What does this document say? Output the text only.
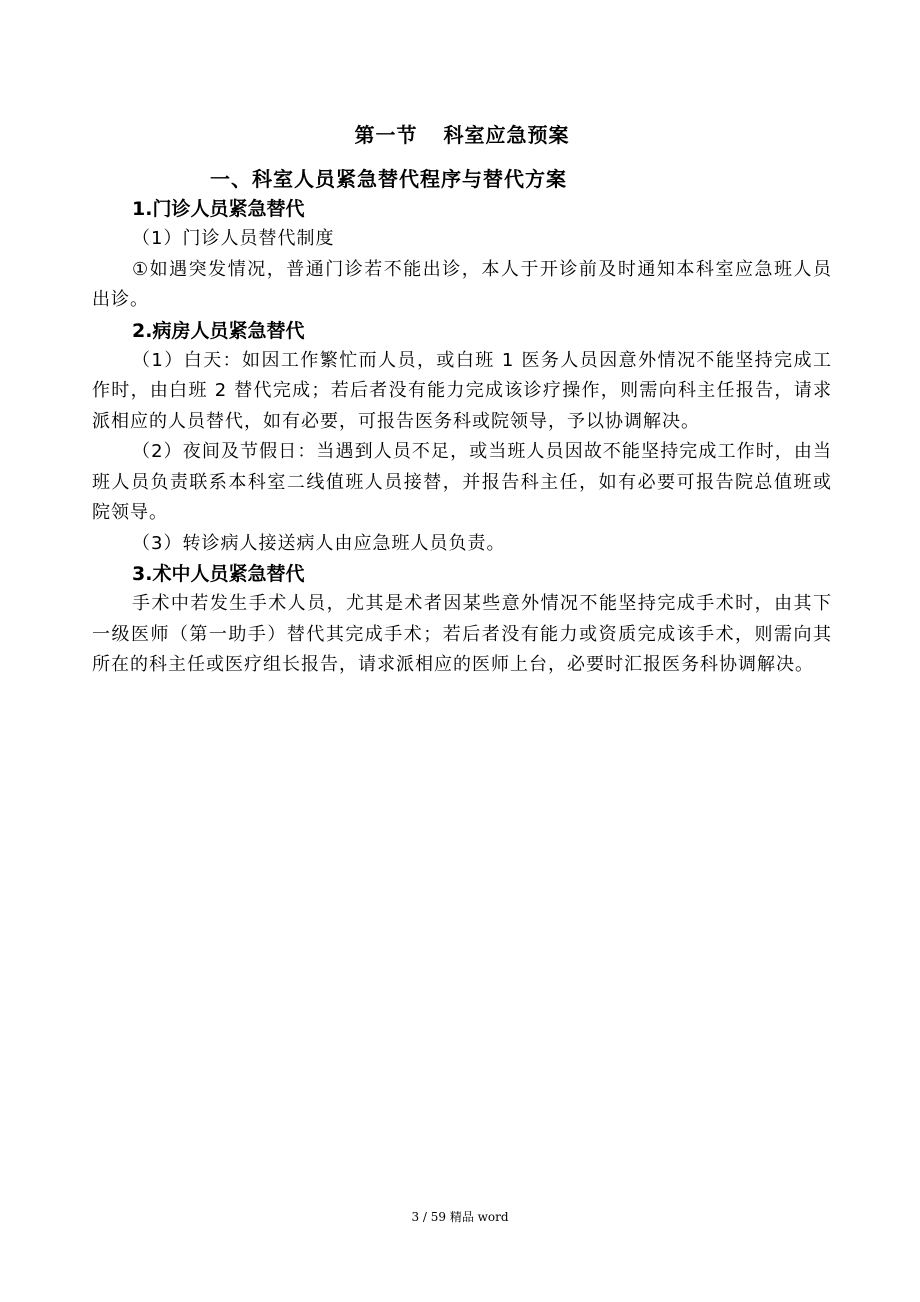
第一节 科室应急预案
一、科室人员紧急替代程序与替代方案
1.门诊人员紧急替代

（1）门诊人员替代制度

①如遇突发情况，普通门诊若不能出诊，本人于开诊前及时通知本科室应急班人员出诊。

2.病房人员紧急替代

（1）白天：如因工作繁忙而人员，或白班 1 医务人员因意外情况不能坚持完成工作时，由白班 2 替代完成；若后者没有能力完成该诊疗操作，则需向科主任报告，请求派相应的人员替代，如有必要，可报告医务科或院领导，予以协调解决。

（2）夜间及节假日：当遇到人员不足，或当班人员因故不能坚持完成工作时，由当班人员负责联系本科室二线值班人员接替，并报告科主任，如有必要可报告院总值班或院领导。

（3）转诊病人接送病人由应急班人员负责。

3.术中人员紧急替代

手术中若发生手术人员，尤其是术者因某些意外情况不能坚持完成手术时，由其下一级医师（第一助手）替代其完成手术；若后者没有能力或资质完成该手术，则需向其所在的科主任或医疗组长报告，请求派相应的医师上台，必要时汇报医务科协调解决。

3 / 59 精品 word
